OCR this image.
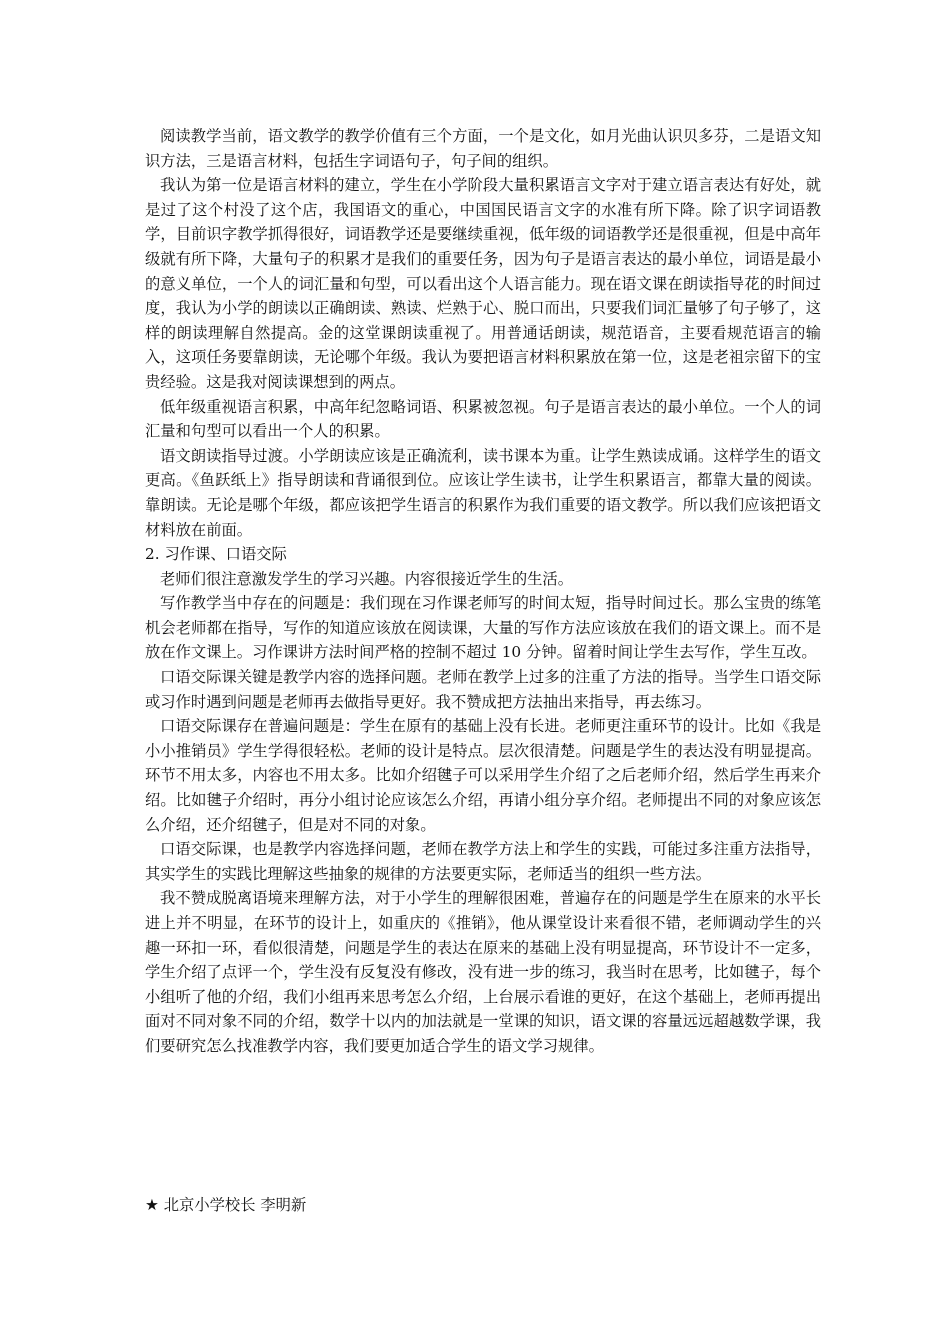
阅读教学当前，语文教学的教学价值有三个方面，一个是文化，如月光曲认识贝多芬，二是语文知识方法，三是语言材料，包括生字词语句子，句子间的组织。

我认为第一位是语言材料的建立，学生在小学阶段大量积累语言文字对于建立语言表达有好处，就是过了这个村没了这个店，我国语文的重心，中国国民语言文字的水准有所下降。除了识字词语教学，目前识字教学抓得很好，词语教学还是要继续重视，低年级的词语教学还是很重视，但是中高年级就有所下降，大量句子的积累才是我们的重要任务，因为句子是语言表达的最小单位，词语是最小的意义单位，一个人的词汇量和句型，可以看出这个人语言能力。现在语文课在朗读指导花的时间过度，我认为小学的朗读以正确朗读、熟读、烂熟于心、脱口而出，只要我们词汇量够了句子够了，这样的朗读理解自然提高。金的这堂课朗读重视了。用普通话朗读，规范语音，主要看规范语言的输入，这项任务要靠朗读，无论哪个年级。我认为要把语言材料积累放在第一位，这是老祖宗留下的宝贵经验。这是我对阅读课想到的两点。

低年级重视语言积累，中高年纪忽略词语、积累被忽视。句子是语言表达的最小单位。一个人的词汇量和句型可以看出一个人的积累。

语文朗读指导过渡。小学朗读应该是正确流利，读书课本为重。让学生熟读成诵。这样学生的语文更高。《鱼跃纸上》指导朗读和背诵很到位。应该让学生读书，让学生积累语言，都靠大量的阅读。靠朗读。无论是哪个年级，都应该把学生语言的积累作为我们重要的语文教学。所以我们应该把语文材料放在前面。

2. 习作课、口语交际

老师们很注意激发学生的学习兴趣。内容很接近学生的生活。

写作教学当中存在的问题是：我们现在习作课老师写的时间太短，指导时间过长。那么宝贵的练笔机会老师都在指导，写作的知道应该放在阅读课，大量的写作方法应该放在我们的语文课上。而不是放在作文课上。习作课讲方法时间严格的控制不超过 10 分钟。留着时间让学生去写作，学生互改。

口语交际课关键是教学内容的选择问题。老师在教学上过多的注重了方法的指导。当学生口语交际或习作时遇到问题是老师再去做指导更好。我不赞成把方法抽出来指导，再去练习。

口语交际课存在普遍问题是：学生在原有的基础上没有长进。老师更注重环节的设计。比如《我是小小推销员》学生学得很轻松。老师的设计是特点。层次很清楚。问题是学生的表达没有明显提高。环节不用太多，内容也不用太多。比如介绍毽子可以采用学生介绍了之后老师介绍，然后学生再来介绍。比如毽子介绍时，再分小组讨论应该怎么介绍，再请小组分享介绍。老师提出不同的对象应该怎么介绍，还介绍毽子，但是对不同的对象。

口语交际课，也是教学内容选择问题，老师在教学方法上和学生的实践，可能过多注重方法指导，其实学生的实践比理解这些抽象的规律的方法要更实际，老师适当的组织一些方法。

我不赞成脱离语境来理解方法，对于小学生的理解很困难，普遍存在的问题是学生在原来的水平长进上并不明显，在环节的设计上，如重庆的《推销》，他从课堂设计来看很不错，老师调动学生的兴趣一环扣一环，看似很清楚，问题是学生的表达在原来的基础上没有明显提高，环节设计不一定多，学生介绍了点评一个，学生没有反复没有修改，没有进一步的练习，我当时在思考，比如毽子，每个小组听了他的介绍，我们小组再来思考怎么介绍，上台展示看谁的更好，在这个基础上，老师再提出面对不同对象不同的介绍，数学十以内的加法就是一堂课的知识，语文课的容量远远超越数学课，我们要研究怎么找准教学内容，我们要更加适合学生的语文学习规律。

★ 北京小学校长 李明新
